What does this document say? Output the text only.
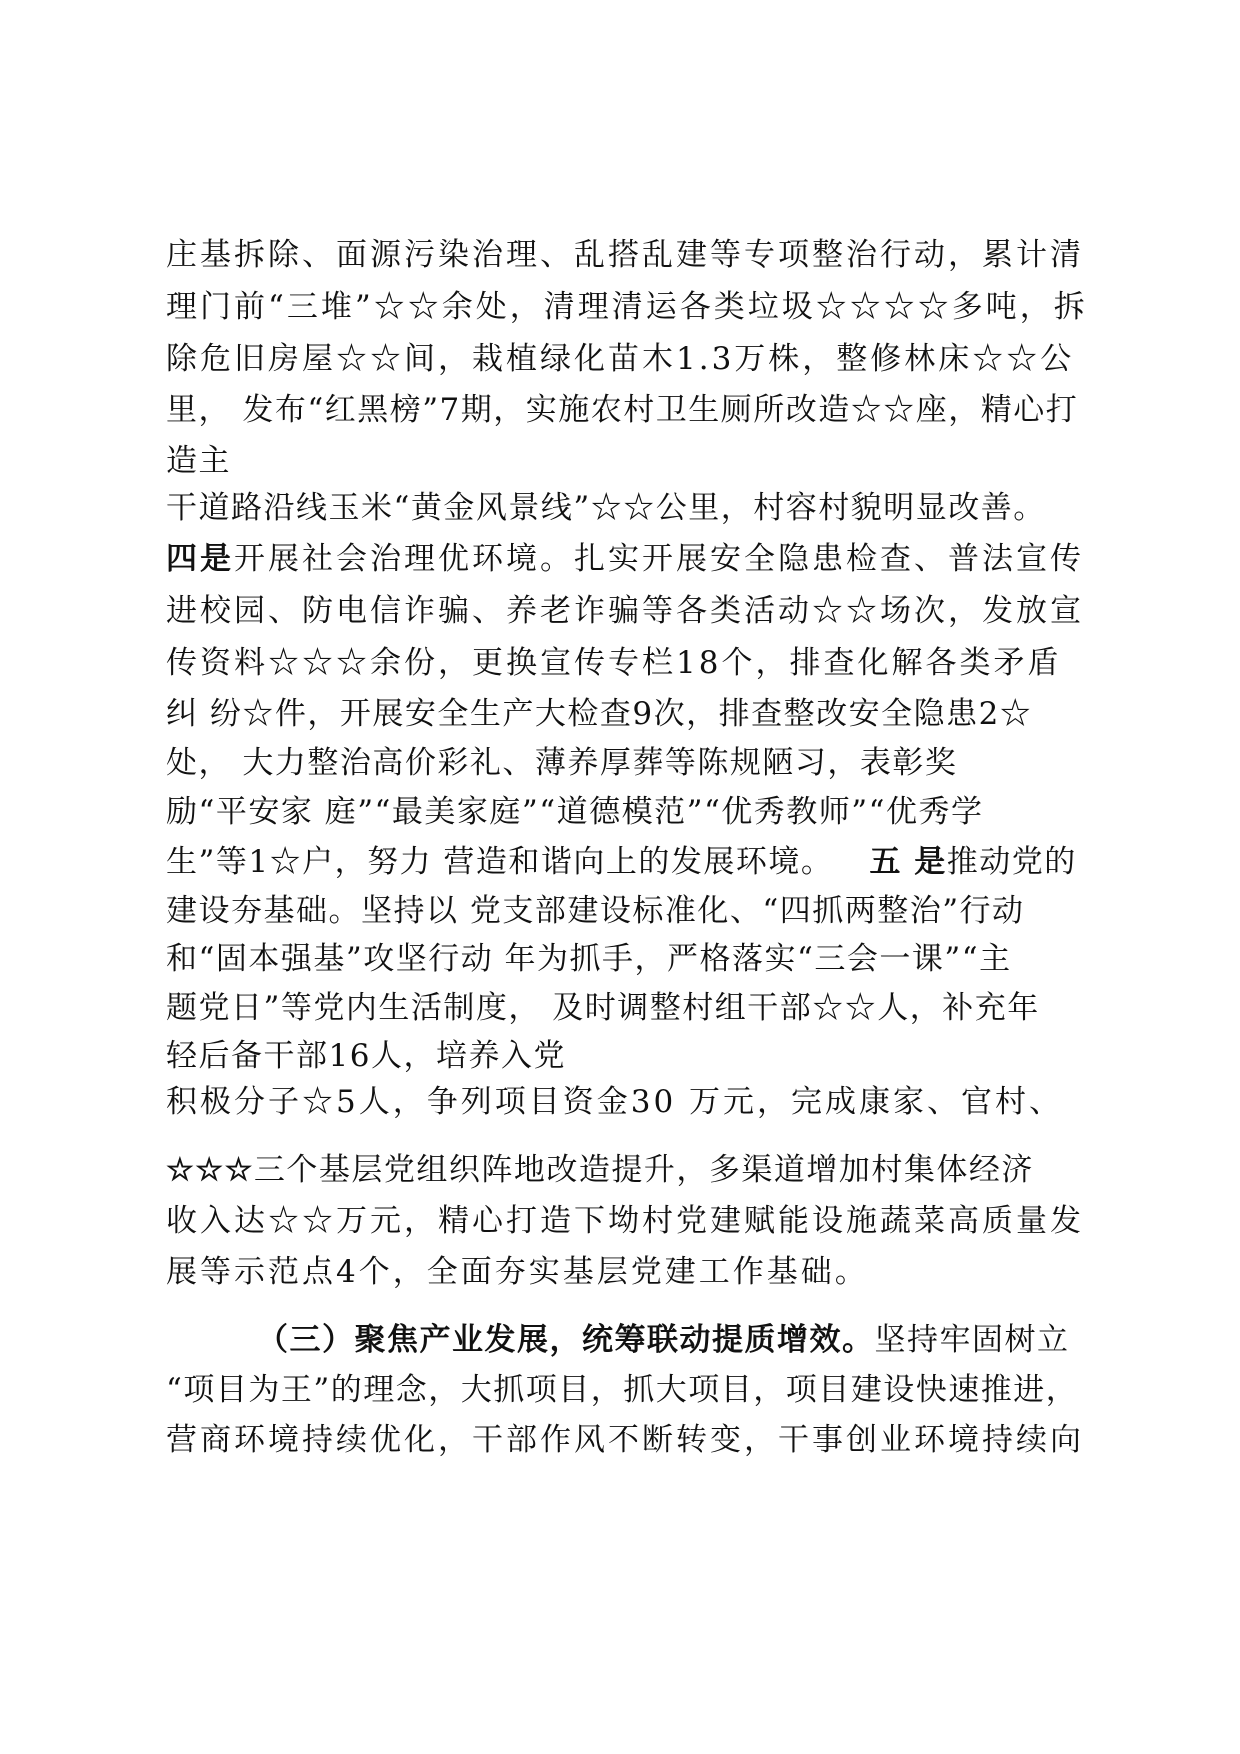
庄基拆除、面源污染治理、乱搭乱建等专项整治行动，累计清
理门前“三堆”☆☆余处，清理清运各类垃圾☆☆☆☆多吨，拆
除危旧房屋☆☆间，栽植绿化苗木1.3万株，整修林床☆☆公
里， 发布“红黑榜”7期，实施农村卫生厕所改造☆☆座，精心打
造主
干道路沿线玉米“黄金风景线”☆☆公里，村容村貌明显改善。
四是开展社会治理优环境。扎实开展安全隐患检查、普法宣传
进校园、防电信诈骗、养老诈骗等各类活动☆☆场次，发放宣
传资料☆☆☆余份，更换宣传专栏18个，排查化解各类矛盾
纠 纷☆件，开展安全生产大检查9次，排查整改安全隐患2☆
处， 大力整治高价彩礼、薄养厚葬等陈规陋习，表彰奖
励“平安家 庭”“最美家庭”“道德模范”“优秀教师”“优秀学
生”等1☆户，努力 营造和谐向上的发展环境。 五 是推动党的
建设夯基础。坚持以 党支部建设标准化、“四抓两整治”行动
和“固本强基”攻坚行动 年为抓手，严格落实“三会一课”“主
题党日”等党内生活制度， 及时调整村组干部☆☆人，补充年
轻后备干部16人，培养入党
积极分子☆5人，争列项目资金30 万元，完成康家、官村、
☆☆☆三个基层党组织阵地改造提升，多渠道增加村集体经济
收入达☆☆万元，精心打造下坳村党建赋能设施蔬菜高质量发
展等示范点4个，全面夯实基层党建工作基础。
（三）聚焦产业发展，统筹联动提质增效。坚持牢固树立
“项目为王”的理念，大抓项目，抓大项目，项目建设快速推进，
营商环境持续优化，干部作风不断转变，干事创业环境持续向
